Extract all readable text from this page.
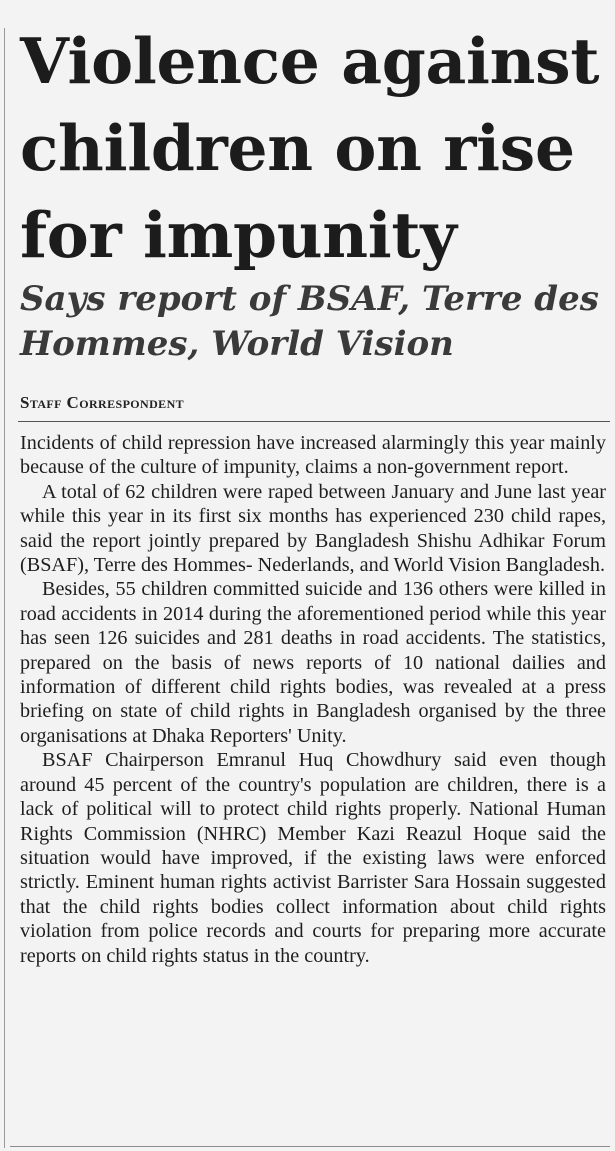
Violence against children on rise for impunity
Says report of BSAF, Terre des Hommes, World Vision
Staff Correspondent

Incidents of child repression have increased alarmingly this year mainly because of the culture of impunity, claims a non-government report.

A total of 62 children were raped between January and June last year while this year in its first six months has experienced 230 child rapes, said the report jointly prepared by Bangladesh Shishu Adhikar Forum (BSAF), Terre des Hommes- Nederlands, and World Vision Bangladesh.

Besides, 55 children committed suicide and 136 others were killed in road accidents in 2014 during the aforementioned period while this year has seen 126 suicides and 281 deaths in road accidents. The statistics, prepared on the basis of news reports of 10 national dailies and information of different child rights bodies, was revealed at a press briefing on state of child rights in Bangladesh organised by the three organisations at Dhaka Reporters' Unity.

BSAF Chairperson Emranul Huq Chowdhury said even though around 45 percent of the country's population are children, there is a lack of political will to protect child rights properly. National Human Rights Commission (NHRC) Member Kazi Reazul Hoque said the situation would have improved, if the existing laws were enforced strictly. Eminent human rights activist Barrister Sara Hossain suggested that the child rights bodies collect information about child rights violation from police records and courts for preparing more accurate reports on child rights status in the country.
